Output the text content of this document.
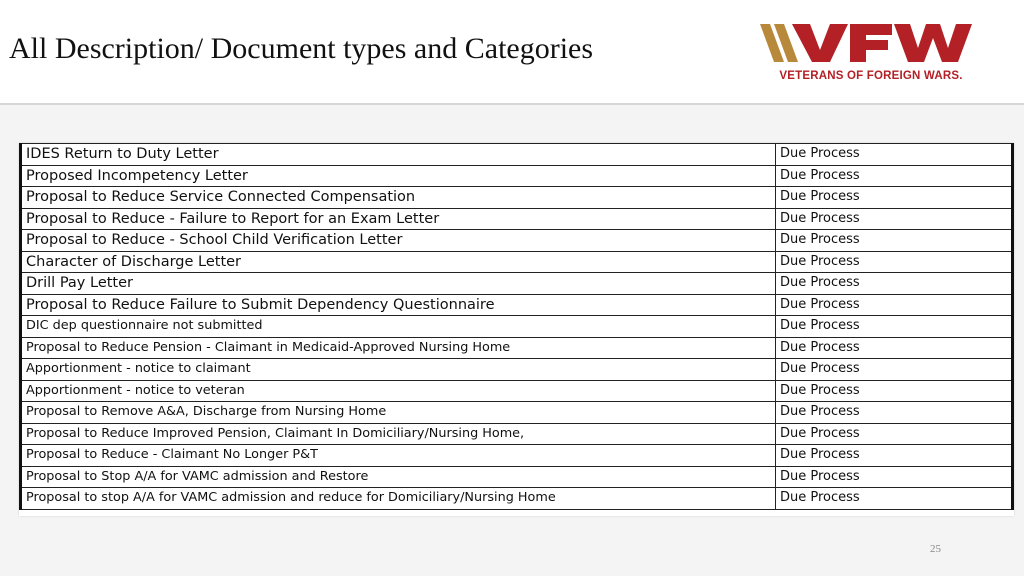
All Description/ Document types and Categories
VETERANS OF FOREIGN WARS.
IDES Return to Duty Letter	Due Process
Proposed Incompetency Letter	Due Process
Proposal to Reduce Service Connected Compensation	Due Process
Proposal to Reduce - Failure to Report for an Exam Letter	Due Process
Proposal to Reduce - School Child Verification Letter	Due Process
Character of Discharge Letter	Due Process
Drill Pay Letter	Due Process
Proposal to Reduce Failure to Submit Dependency Questionnaire	Due Process
DIC dep questionnaire not submitted	Due Process
Proposal to Reduce Pension - Claimant in Medicaid-Approved Nursing Home	Due Process
Apportionment - notice to claimant	Due Process
Apportionment - notice to veteran	Due Process
Proposal to Remove A&A, Discharge from Nursing Home	Due Process
Proposal to Reduce Improved Pension, Claimant In Domiciliary/Nursing Home,	Due Process
Proposal to Reduce - Claimant No Longer P&T	Due Process
Proposal to Stop A/A for VAMC admission and Restore	Due Process
Proposal to stop A/A for VAMC admission and reduce for Domiciliary/Nursing Home	Due Process
25
